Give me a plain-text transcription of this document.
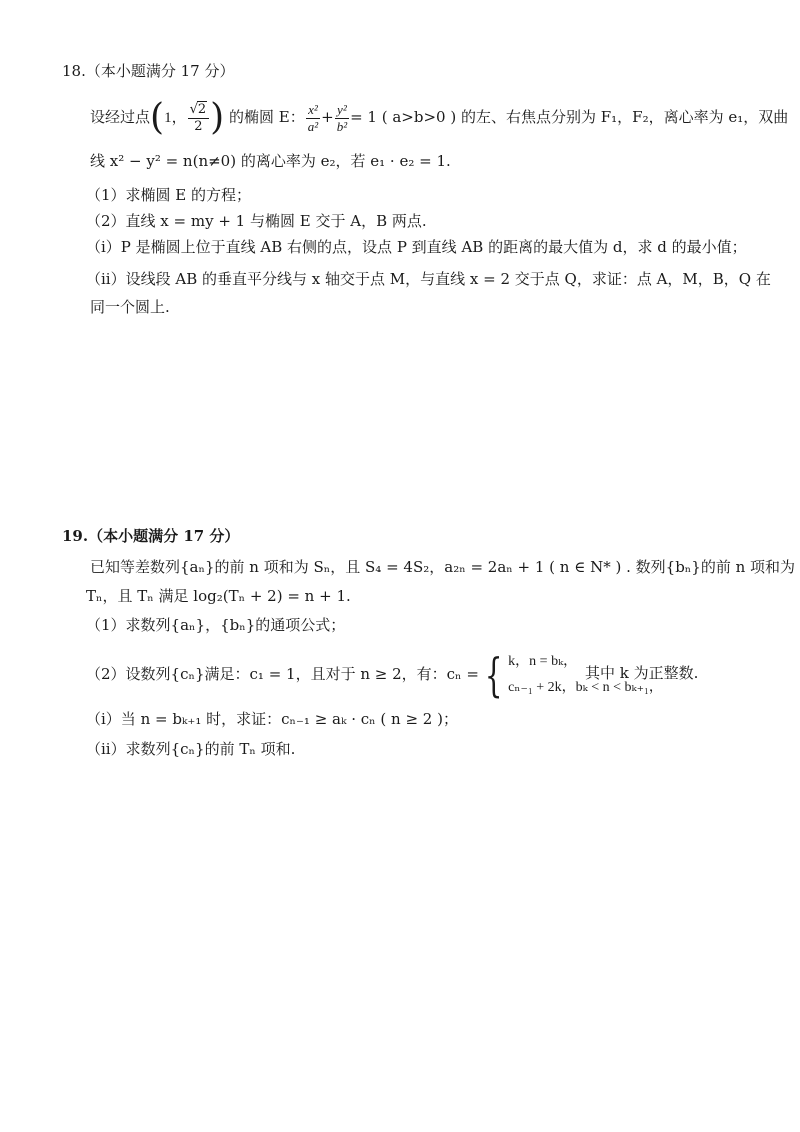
18.（本小题满分 17 分）
设经过点(1， $\frac{√2}{2}$ ) 的椭圆 E： $\frac{\text{x²}}{\text{a²}} + \frac{\text{y²}}{\text{b²}} = 1$ ( a>b>0 ) 的左、右焦点分别为 F₁，F₂，离心率为 e₁，双曲
线 x² − y² = n(n≠0) 的离心率为 e₂，若 e₁ · e₂ = 1.
（1）求椭圆 E 的方程；
（2）直线 x = my + 1 与椭圆 E 交于 A，B 两点.
（i）P 是椭圆上位于直线 AB 右侧的点，设点 P 到直线 AB 的距离的最大值为 d，求 d 的最小值；
（ii）设线段 AB 的垂直平分线与 x 轴交于点 M，与直线 x = 2 交于点 Q，求证：点 A，M，B，Q 在
同一个圆上.
19.（本小题满分 17 分）
已知等差数列{aₙ}的前 n 项和为 Sₙ，且 S₄ = 4S₂，a₂ₙ = 2aₙ + 1 ( n ∈ N* ) . 数列{bₙ}的前 n 项和为
Tₙ，且 Tₙ 满足 log₂(Tₙ + 2) = n + 1.
（1）求数列{aₙ}，{bₙ}的通项公式；
（2）设数列{cₙ}满足：c₁ = 1，且对于 n ≥ 2，有：cₙ = { k，n = bₖ，
cₙ₋₁ + 2k，bₖ < n < bₖ₊₁，
其中 k 为正整数.
（i）当 n = bₖ₊₁ 时，求证：cₙ₋₁ ≥ aₖ · cₙ ( n ≥ 2 )；
（ii）求数列{cₙ}的前 Tₙ 项和.
